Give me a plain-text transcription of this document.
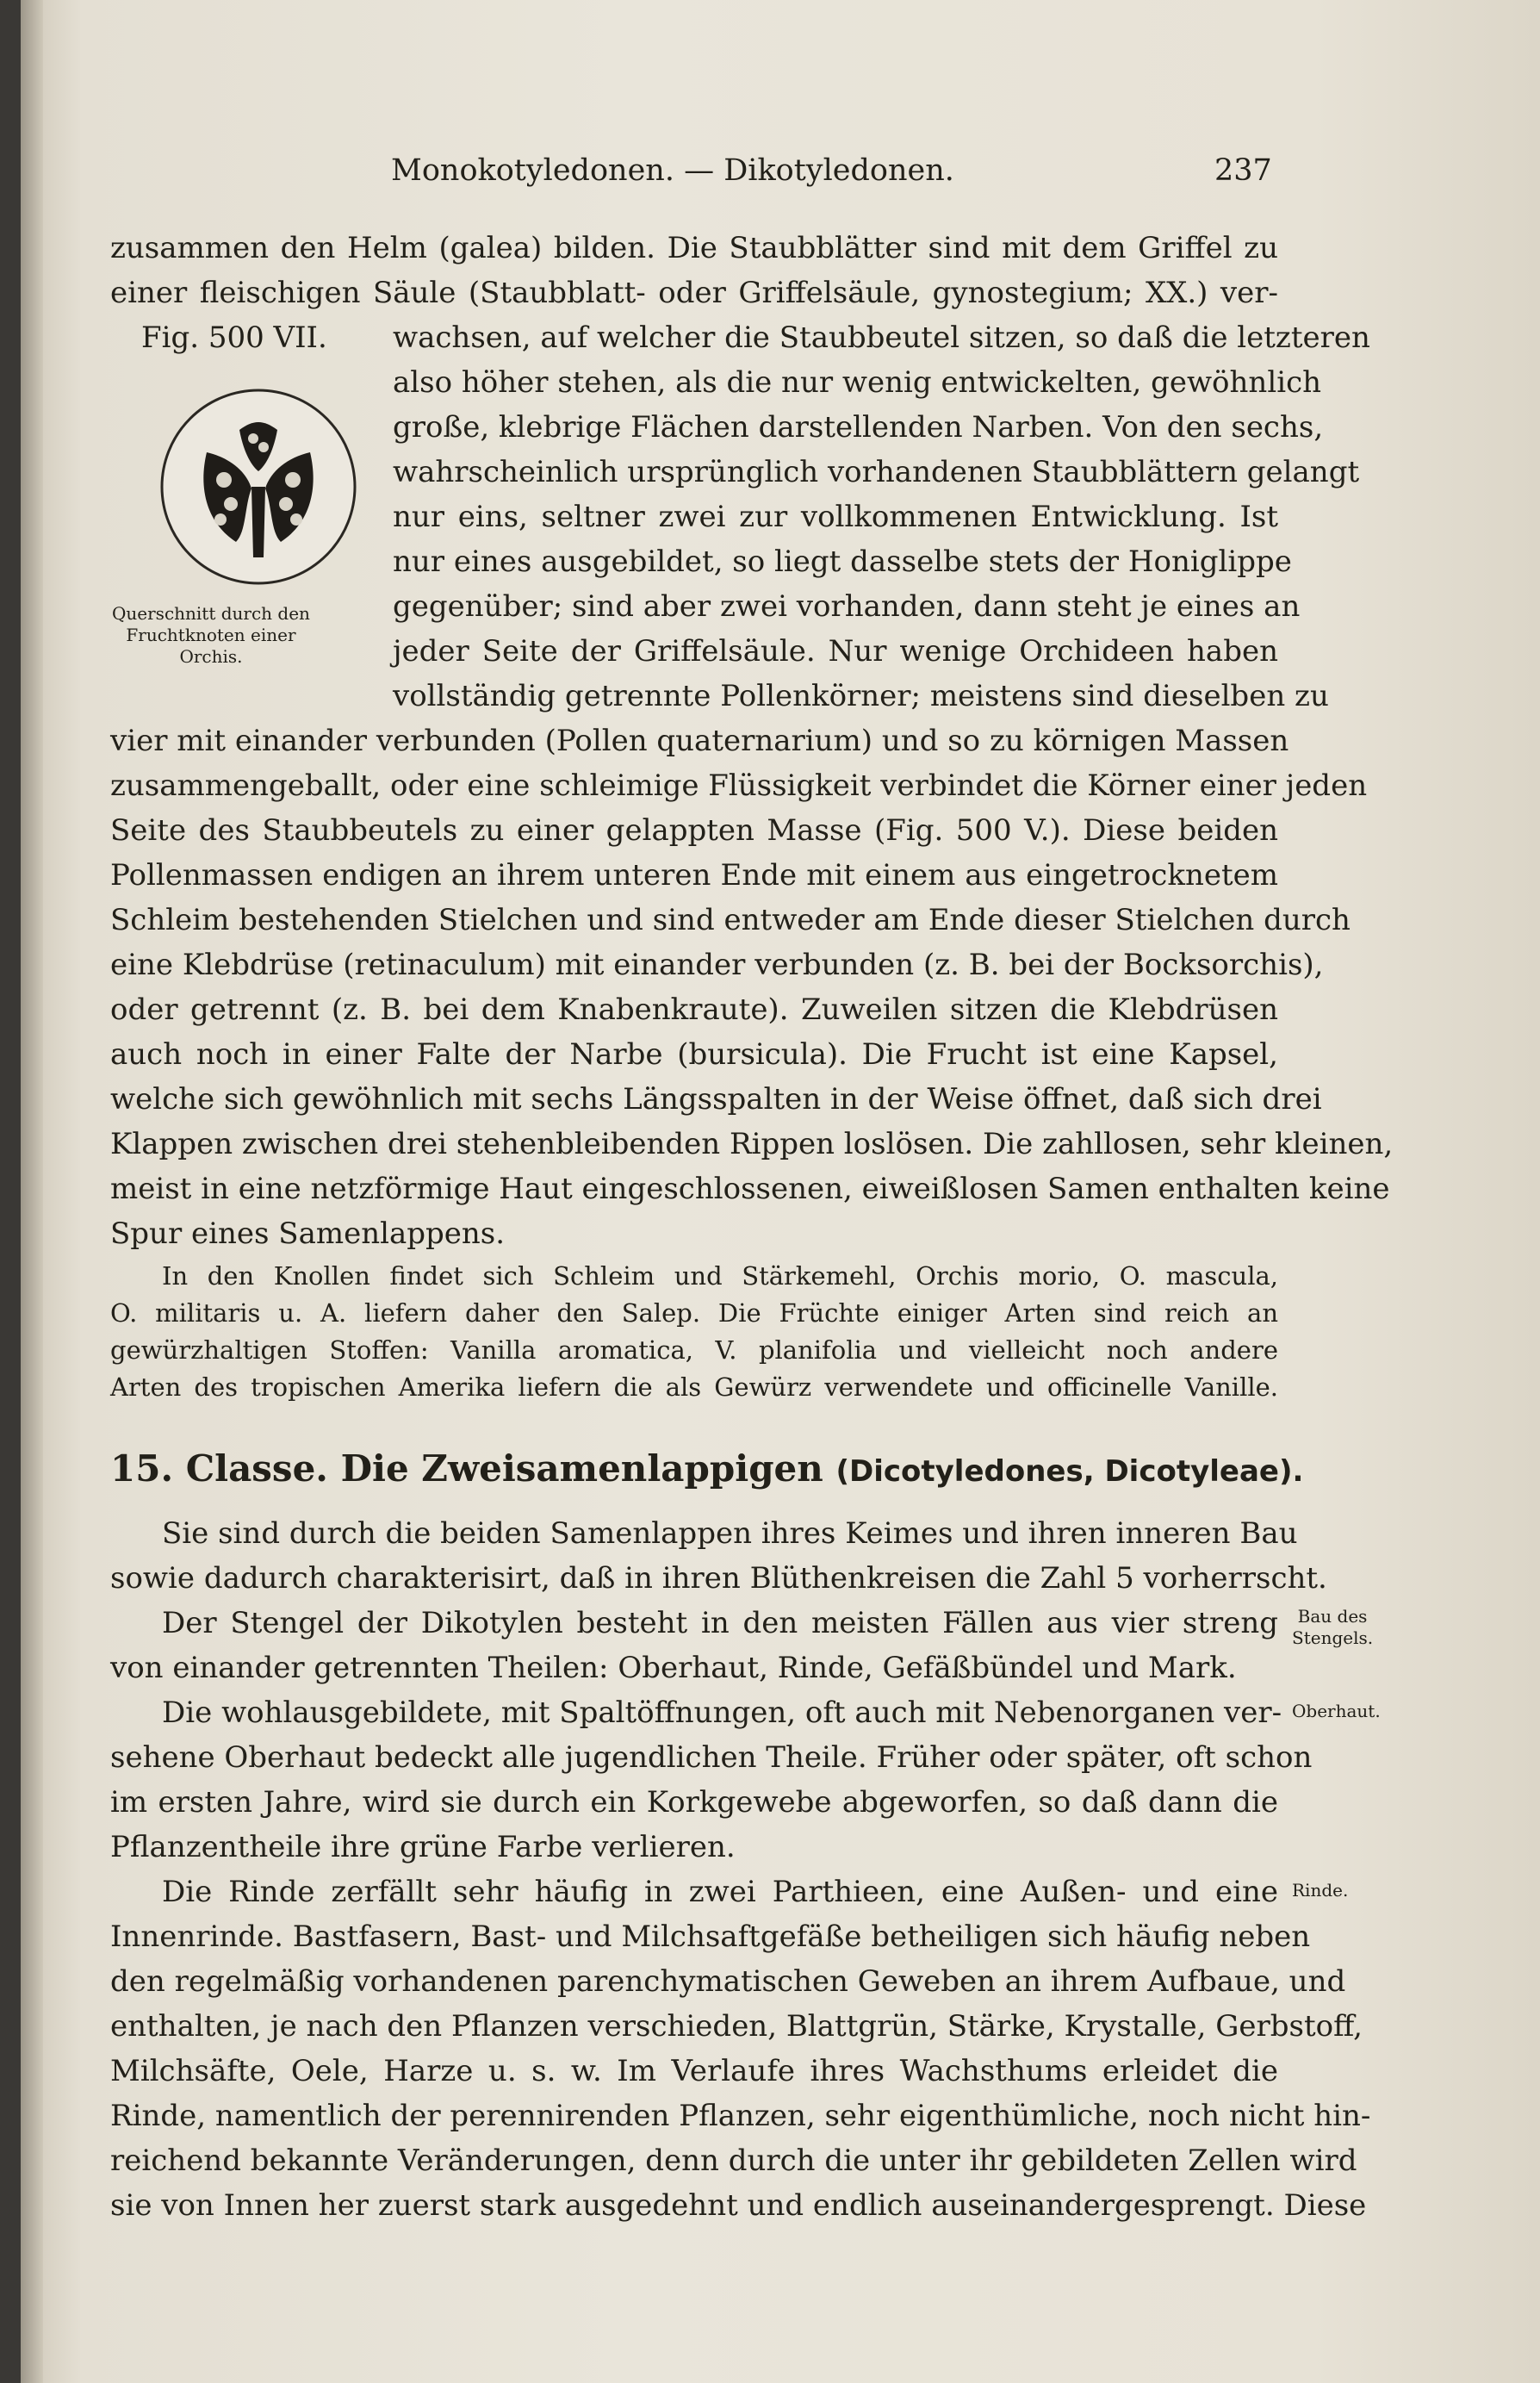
Monokotyledonen. — Dikotyledonen.	237

Fig. 500 VII.

Querschnitt durch den
Fruchtknoten einer
Orchis.

zusammen den Helm (galea) bilden. Die Staubblätter sind mit dem Griffel zu

einer fleischigen Säule (Staubblatt- oder Griffelsäule, gynostegium; XX.) ver-

wachsen, auf welcher die Staubbeutel sitzen, so daß die letzteren

also höher stehen, als die nur wenig entwickelten, gewöhnlich

große, klebrige Flächen darstellenden Narben. Von den sechs,

wahrscheinlich ursprünglich vorhandenen Staubblättern gelangt

nur eins, seltner zwei zur vollkommenen Entwicklung. Ist

nur eines ausgebildet, so liegt dasselbe stets der Honiglippe

gegenüber; sind aber zwei vorhanden, dann steht je eines an

jeder Seite der Griffelsäule. Nur wenige Orchideen haben

vollständig getrennte Pollenkörner; meistens sind dieselben zu

vier mit einander verbunden (Pollen quaternarium) und so zu körnigen Massen

zusammengeballt, oder eine schleimige Flüssigkeit verbindet die Körner einer jeden

Seite des Staubbeutels zu einer gelappten Masse (Fig. 500 V.). Diese beiden

Pollenmassen endigen an ihrem unteren Ende mit einem aus eingetrocknetem

Schleim bestehenden Stielchen und sind entweder am Ende dieser Stielchen durch

eine Klebdrüse (retinaculum) mit einander verbunden (z. B. bei der Bocksorchis),

oder getrennt (z. B. bei dem Knabenkraute). Zuweilen sitzen die Klebdrüsen

auch noch in einer Falte der Narbe (bursicula). Die Frucht ist eine Kapsel,

welche sich gewöhnlich mit sechs Längsspalten in der Weise öffnet, daß sich drei

Klappen zwischen drei stehenbleibenden Rippen loslösen. Die zahllosen, sehr kleinen,

meist in eine netzförmige Haut eingeschlossenen, eiweißlosen Samen enthalten keine

Spur eines Samenlappens.

In den Knollen findet sich Schleim und Stärkemehl, Orchis morio, O. mascula,

O. militaris u. A. liefern daher den Salep. Die Früchte einiger Arten sind reich an

gewürzhaltigen Stoffen: Vanilla aromatica, V. planifolia und vielleicht noch andere

Arten des tropischen Amerika liefern die als Gewürz verwendete und officinelle Vanille.

15. Classe. Die Zweisamenlappigen (Dicotyledones, Dicotyleae).

Sie sind durch die beiden Samenlappen ihres Keimes und ihren inneren Bau

sowie dadurch charakterisirt, daß in ihren Blüthenkreisen die Zahl 5 vorherrscht.

Der Stengel der Dikotylen besteht in den meisten Fällen aus vier streng

von einander getrennten Theilen: Oberhaut, Rinde, Gefäßbündel und Mark.

Die wohlausgebildete, mit Spaltöffnungen, oft auch mit Nebenorganen ver-

sehene Oberhaut bedeckt alle jugendlichen Theile. Früher oder später, oft schon

im ersten Jahre, wird sie durch ein Korkgewebe abgeworfen, so daß dann die

Pflanzentheile ihre grüne Farbe verlieren.

Die Rinde zerfällt sehr häufig in zwei Parthieen, eine Außen- und eine

Innenrinde. Bastfasern, Bast- und Milchsaftgefäße betheiligen sich häufig neben

den regelmäßig vorhandenen parenchymatischen Geweben an ihrem Aufbaue, und

enthalten, je nach den Pflanzen verschieden, Blattgrün, Stärke, Krystalle, Gerbstoff,

Milchsäfte, Oele, Harze u. s. w. Im Verlaufe ihres Wachsthums erleidet die

Rinde, namentlich der perennirenden Pflanzen, sehr eigenthümliche, noch nicht hin-

reichend bekannte Veränderungen, denn durch die unter ihr gebildeten Zellen wird

sie von Innen her zuerst stark ausgedehnt und endlich auseinandergesprengt. Diese

Bau des
Stengels.

Oberhaut.

Rinde.
